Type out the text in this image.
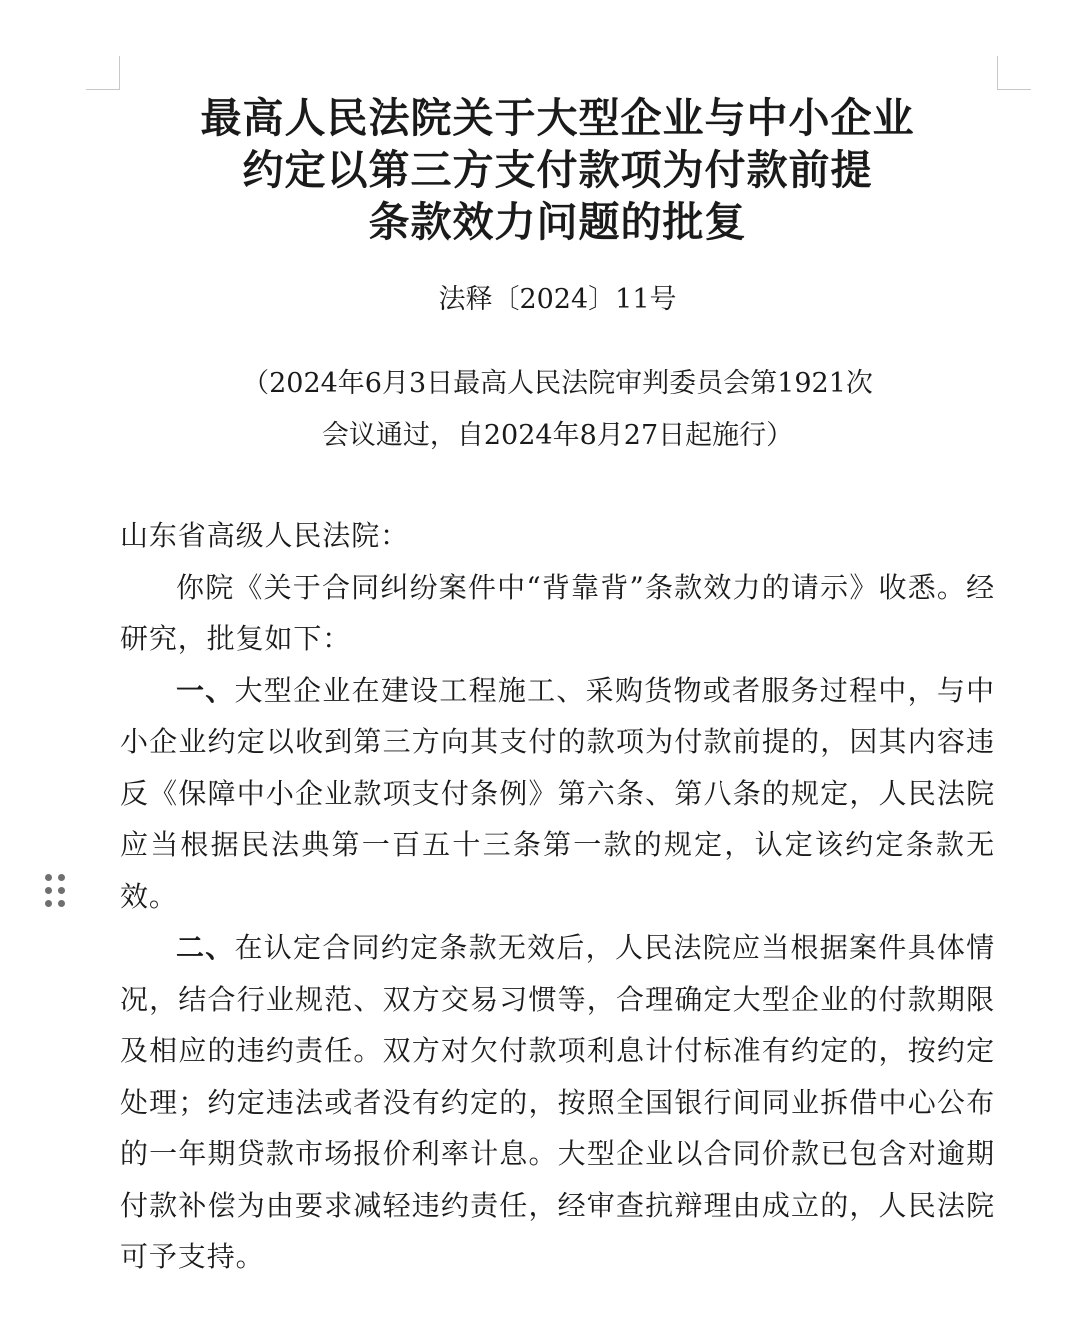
最高人民法院关于大型企业与中小企业
约定以第三方支付款项为付款前提
条款效力问题的批复
法释〔2024〕11号
（2024年6月3日最高人民法院审判委员会第1921次
会议通过，自2024年8月27日起施行）

山东省高级人民法院：

你院《关于合同纠纷案件中“背靠背”条款效力的请示》收悉。经研究，批复如下：

一、大型企业在建设工程施工、采购货物或者服务过程中，与中小企业约定以收到第三方向其支付的款项为付款前提的，因其内容违反《保障中小企业款项支付条例》第六条、第八条的规定，人民法院应当根据民法典第一百五十三条第一款的规定，认定该约定条款无效。

二、在认定合同约定条款无效后，人民法院应当根据案件具体情况，结合行业规范、双方交易习惯等，合理确定大型企业的付款期限及相应的违约责任。双方对欠付款项利息计付标准有约定的，按约定处理；约定违法或者没有约定的，按照全国银行间同业拆借中心公布的一年期贷款市场报价利率计息。大型企业以合同价款已包含对逾期付款补偿为由要求减轻违约责任，经审查抗辩理由成立的，人民法院可予支持。
